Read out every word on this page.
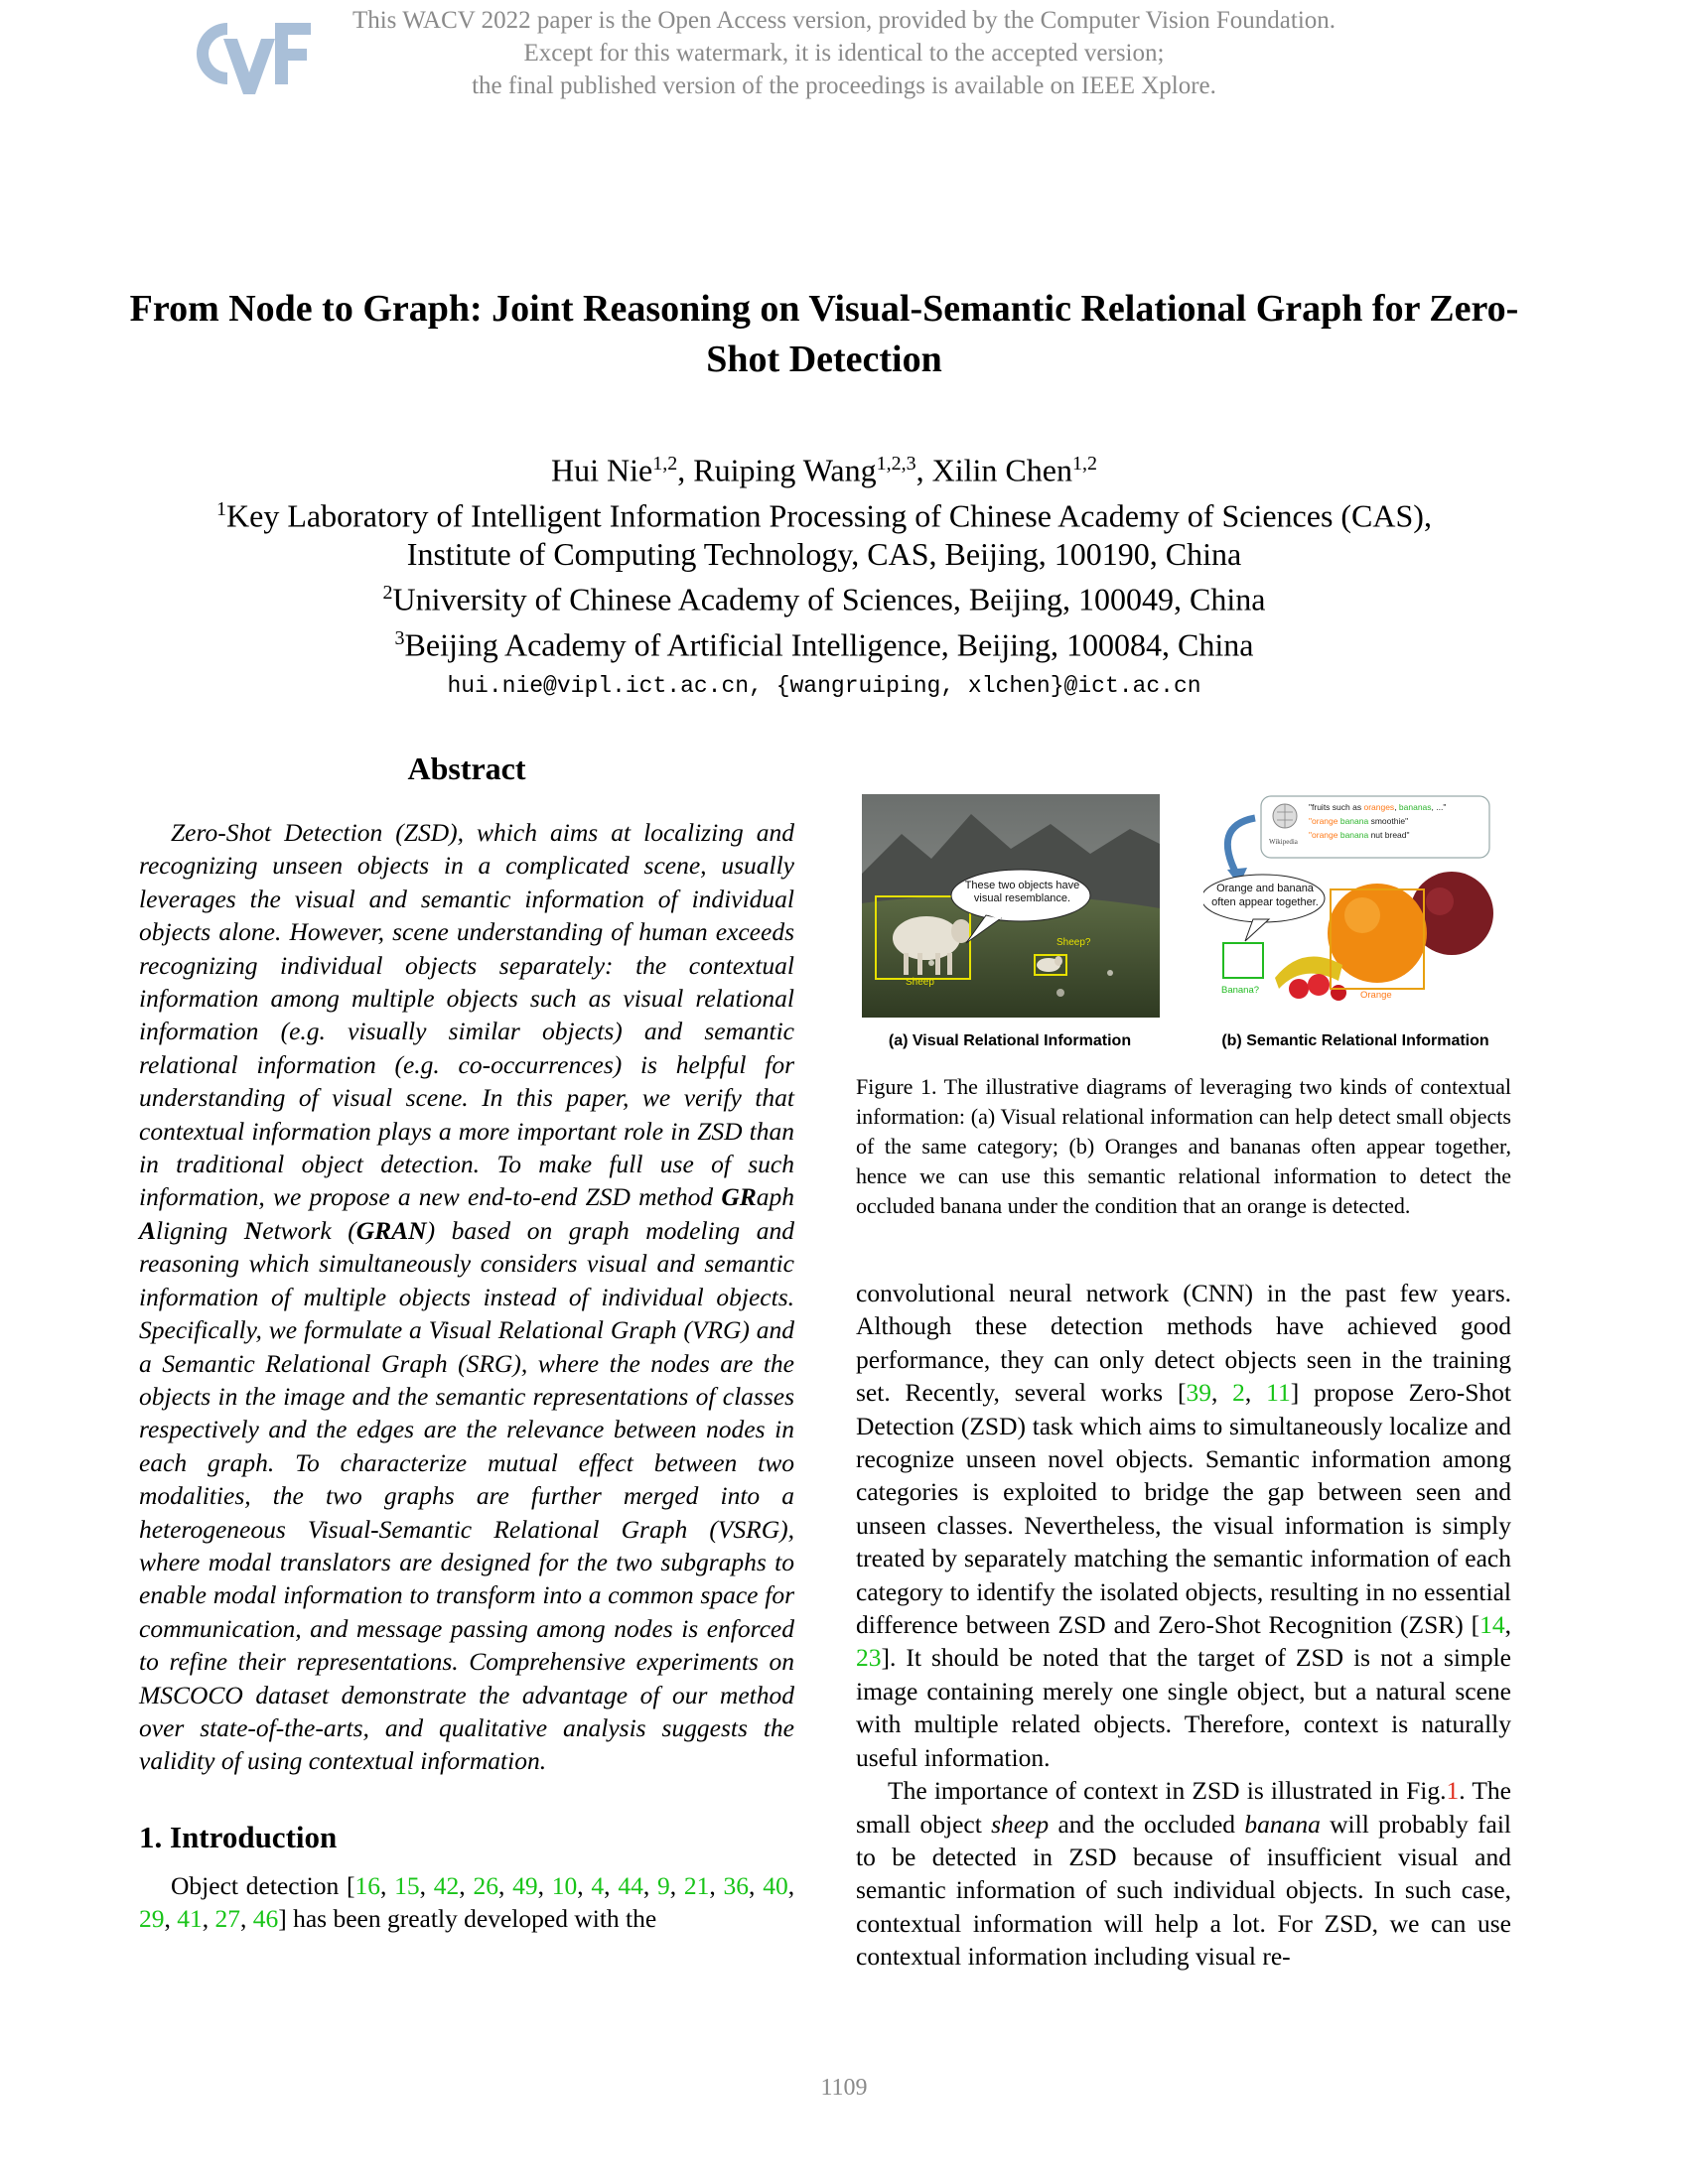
This WACV 2022 paper is the Open Access version, provided by the Computer Vision Foundation.
Except for this watermark, it is identical to the accepted version;
the final published version of the proceedings is available on IEEE Xplore.
From Node to Graph: Joint Reasoning on Visual-Semantic Relational Graph for Zero-Shot Detection
Hui Nie$^{1,2}$, Ruiping Wang$^{1,2,3}$, Xilin Chen$^{1,2}$
$^1$Key Laboratory of Intelligent Information Processing of Chinese Academy of Sciences (CAS),
Institute of Computing Technology, CAS, Beijing, 100190, China
$^2$University of Chinese Academy of Sciences, Beijing, 100049, China
$^3$Beijing Academy of Artificial Intelligence, Beijing, 100084, China
hui.nie@vipl.ict.ac.cn, {wangruiping, xlchen}@ict.ac.cn
Abstract

Zero-Shot Detection (ZSD), which aims at localizing and recognizing unseen objects in a complicated scene, usually leverages the visual and semantic information of individual objects alone. However, scene understanding of human exceeds recognizing individual objects separately: the contextual information among multiple objects such as visual relational information (e.g. visually similar objects) and semantic relational information (e.g. co-occurrences) is helpful for understanding of visual scene. In this paper, we verify that contextual information plays a more important role in ZSD than in traditional object detection. To make full use of such information, we propose a new end-to-end ZSD method GRaph Aligning Network (GRAN) based on graph modeling and reasoning which simultaneously considers visual and semantic information of multiple objects instead of individual objects. Specifically, we formulate a Visual Relational Graph (VRG) and a Semantic Relational Graph (SRG), where the nodes are the objects in the image and the semantic representations of classes respectively and the edges are the relevance between nodes in each graph. To characterize mutual effect between two modalities, the two graphs are further merged into a heterogeneous Visual-Semantic Relational Graph (VSRG), where modal translators are designed for the two subgraphs to enable modal information to transform into a common space for communication, and message passing among nodes is enforced to refine their representations. Comprehensive experiments on MSCOCO dataset demonstrate the advantage of our method over state-of-the-arts, and qualitative analysis suggests the validity of using contextual information.

1. Introduction

Object detection [16, 15, 42, 26, 49, 10, 4, 44, 9, 21, 36, 40, 29, 41, 27, 46] has been greatly developed with the

Sheep
Sheep?
These two objects have visual resemblance.
Wikipedia
"fruits such as oranges, bananas, ..."
"orange banana smoothie"
"orange banana nut bread"
Banana?	Orange
Orange and banana often appear together.
(a) Visual Relational Information	(b) Semantic Relational Information
Figure 1. The illustrative diagrams of leveraging two kinds of contextual information: (a) Visual relational information can help detect small objects of the same category; (b) Oranges and bananas often appear together, hence we can use this semantic relational information to detect the occluded banana under the condition that an orange is detected.

convolutional neural network (CNN) in the past few years. Although these detection methods have achieved good performance, they can only detect objects seen in the training set. Recently, several works [39, 2, 11] propose Zero-Shot Detection (ZSD) task which aims to simultaneously localize and recognize unseen novel objects. Semantic information among categories is exploited to bridge the gap between seen and unseen classes. Nevertheless, the visual information is simply treated by separately matching the semantic information of each category to identify the isolated objects, resulting in no essential difference between ZSD and Zero-Shot Recognition (ZSR) [14, 23]. It should be noted that the target of ZSD is not a simple image containing merely one single object, but a natural scene with multiple related objects. Therefore, context is naturally useful information.

The importance of context in ZSD is illustrated in Fig.1. The small object sheep and the occluded banana will probably fail to be detected in ZSD because of insufficient visual and semantic information of such individual objects. In such case, contextual information will help a lot. For ZSD, we can use contextual information including visual re-

1109
